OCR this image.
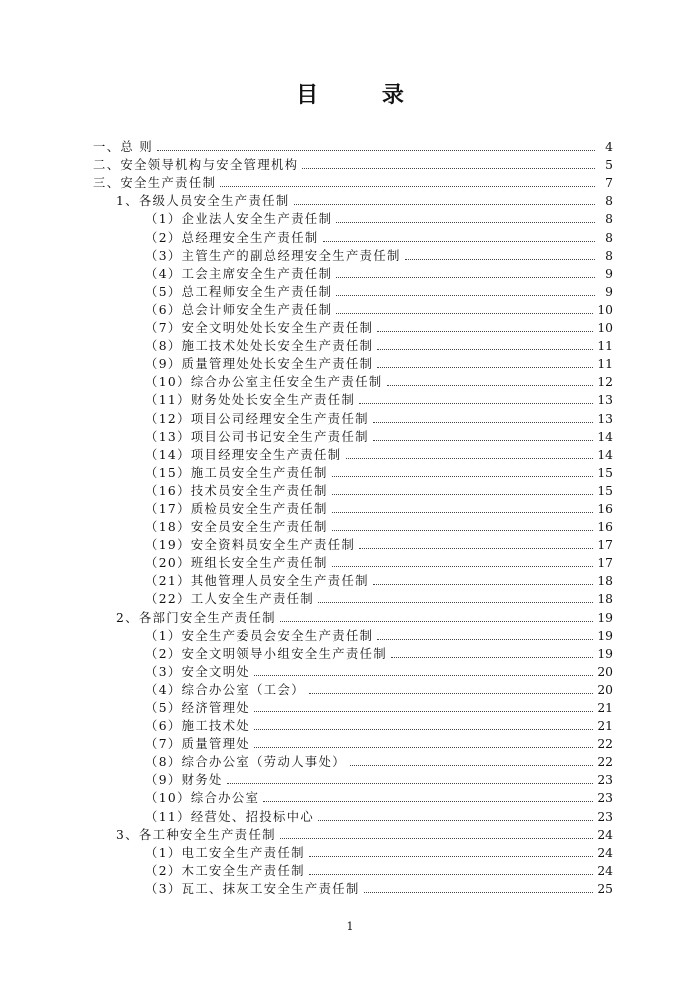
目 录
一、总 则	4
二、安全领导机构与安全管理机构	5
三、安全生产责任制	7
1、各级人员安全生产责任制	8
（1）企业法人安全生产责任制	8
（2）总经理安全生产责任制	8
（3）主管生产的副总经理安全生产责任制	8
（4）工会主席安全生产责任制	9
（5）总工程师安全生产责任制	9
（6）总会计师安全生产责任制	10
（7）安全文明处处长安全生产责任制	10
（8）施工技术处处长安全生产责任制	11
（9）质量管理处处长安全生产责任制	11
（10）综合办公室主任安全生产责任制	12
（11）财务处处长安全生产责任制	13
（12）项目公司经理安全生产责任制	13
（13）项目公司书记安全生产责任制	14
（14）项目经理安全生产责任制	14
（15）施工员安全生产责任制	15
（16）技术员安全生产责任制	15
（17）质检员安全生产责任制	16
（18）安全员安全生产责任制	16
（19）安全资料员安全生产责任制	17
（20）班组长安全生产责任制	17
（21）其他管理人员安全生产责任制	18
（22）工人安全生产责任制	18
2、各部门安全生产责任制	19
（1）安全生产委员会安全生产责任制	19
（2）安全文明领导小组安全生产责任制	19
（3）安全文明处	20
（4）综合办公室（工会）	20
（5）经济管理处	21
（6）施工技术处	21
（7）质量管理处	22
（8）综合办公室（劳动人事处）	22
（9）财务处	23
（10）综合办公室	23
（11）经营处、招投标中心	23
3、各工种安全生产责任制	24
（1）电工安全生产责任制	24
（2）木工安全生产责任制	24
（3）瓦工、抹灰工安全生产责任制	25
1
